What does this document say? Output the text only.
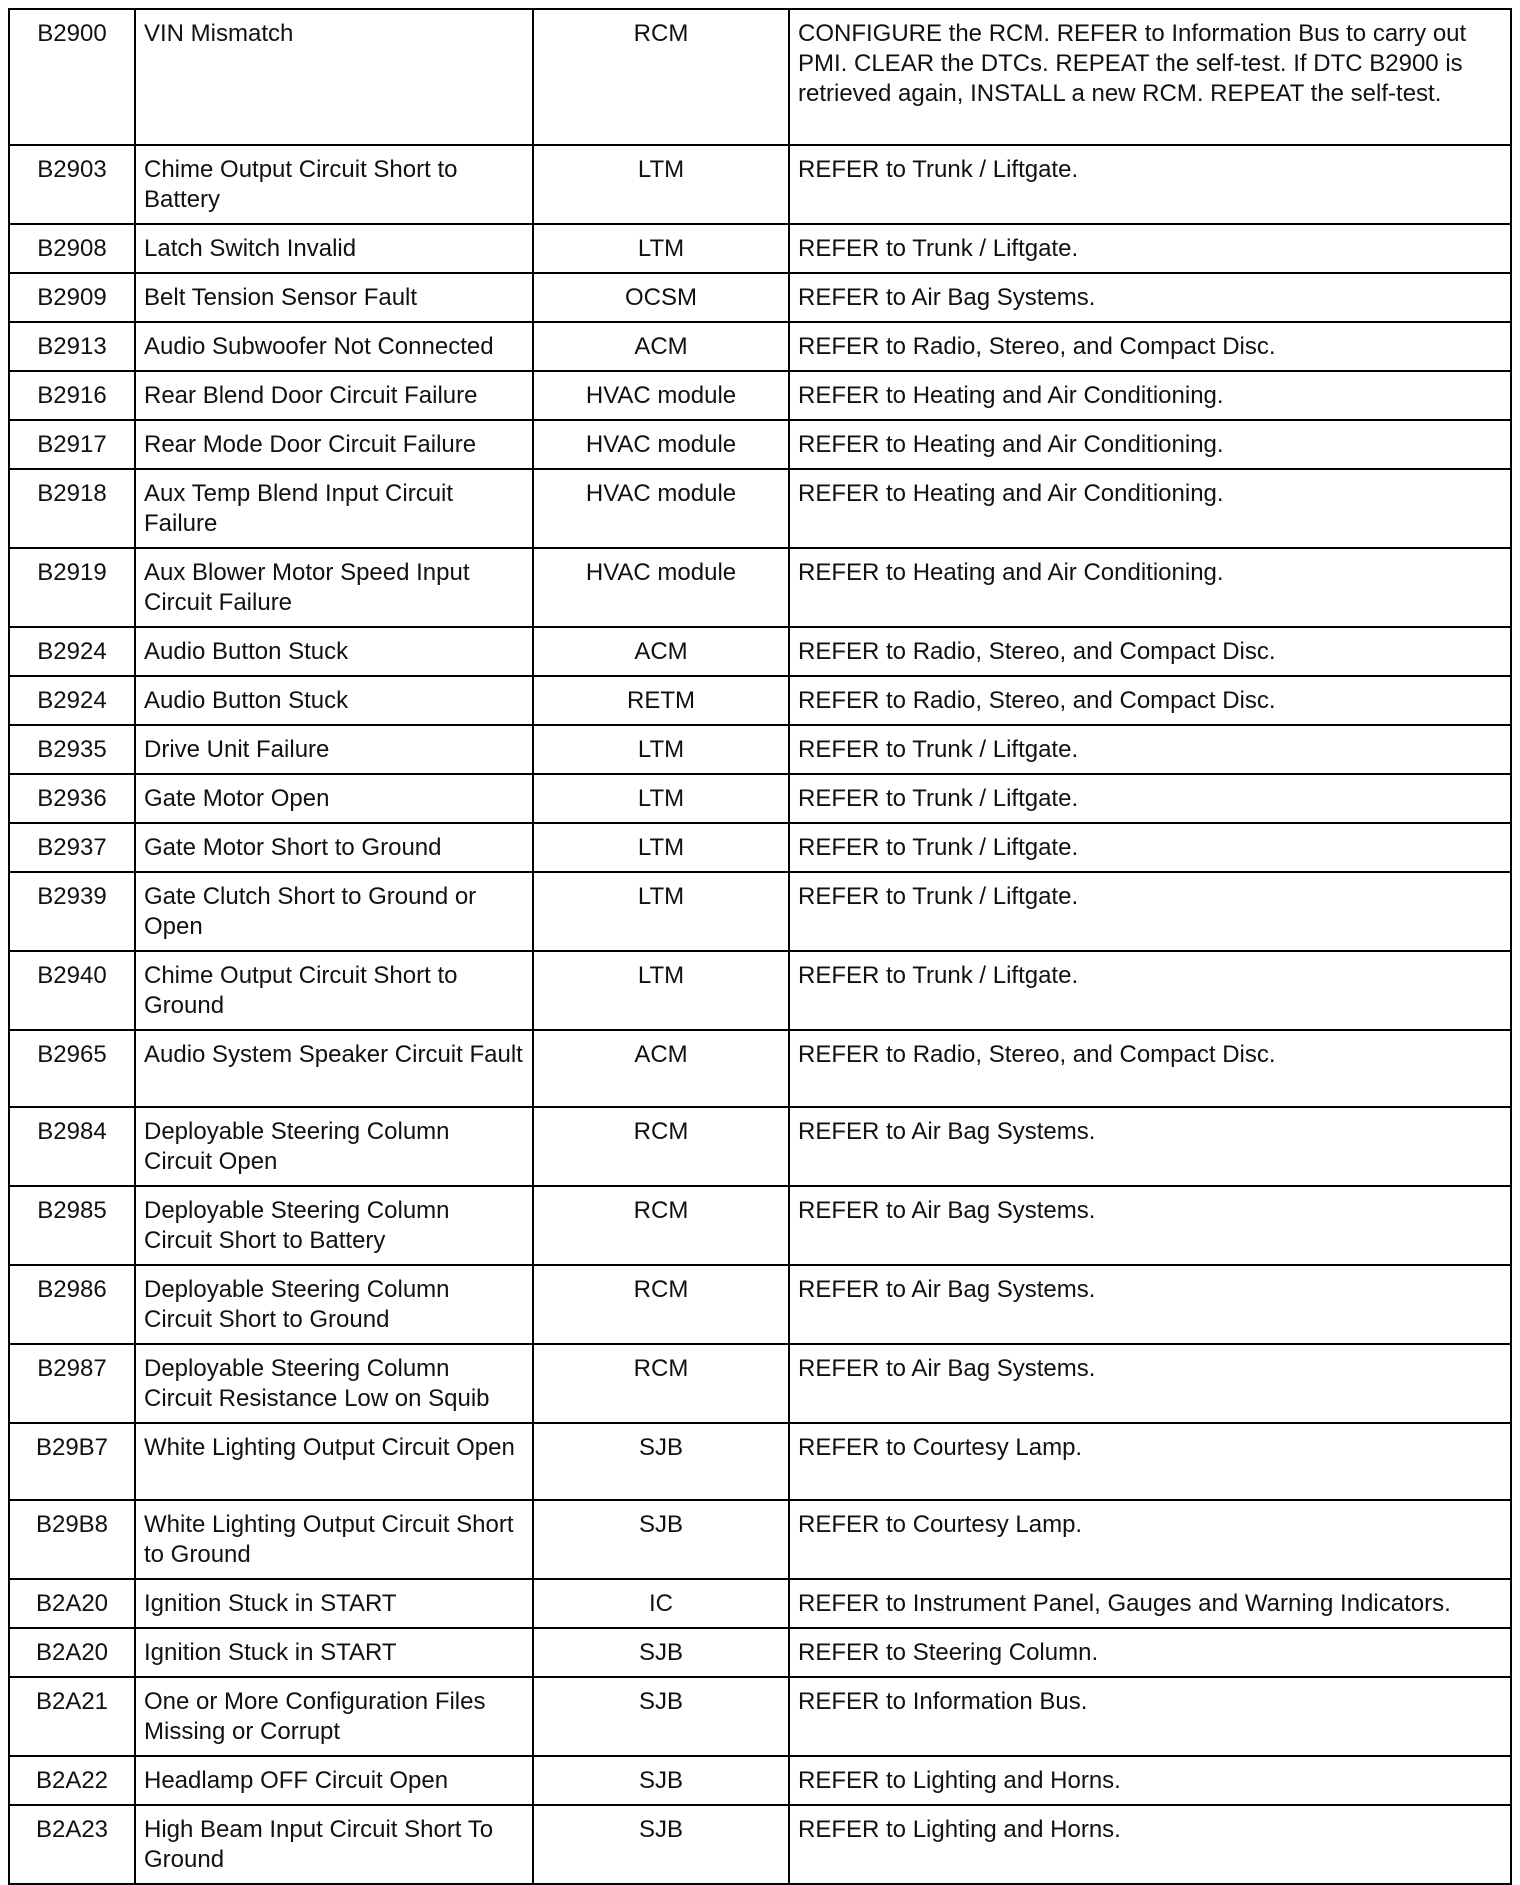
B2900	VIN Mismatch	RCM	CONFIGURE the RCM. REFER to Information Bus to carry out PMI. CLEAR the DTCs. REPEAT the self-test. If DTC B2900 is retrieved again, INSTALL a new RCM. REPEAT the self-test.
B2903	Chime Output Circuit Short to Battery	LTM	REFER to Trunk / Liftgate.
B2908	Latch Switch Invalid	LTM	REFER to Trunk / Liftgate.
B2909	Belt Tension Sensor Fault	OCSM	REFER to Air Bag Systems.
B2913	Audio Subwoofer Not Connected	ACM	REFER to Radio, Stereo, and Compact Disc.
B2916	Rear Blend Door Circuit Failure	HVAC module	REFER to Heating and Air Conditioning.
B2917	Rear Mode Door Circuit Failure	HVAC module	REFER to Heating and Air Conditioning.
B2918	Aux Temp Blend Input Circuit Failure	HVAC module	REFER to Heating and Air Conditioning.
B2919	Aux Blower Motor Speed Input Circuit Failure	HVAC module	REFER to Heating and Air Conditioning.
B2924	Audio Button Stuck	ACM	REFER to Radio, Stereo, and Compact Disc.
B2924	Audio Button Stuck	RETM	REFER to Radio, Stereo, and Compact Disc.
B2935	Drive Unit Failure	LTM	REFER to Trunk / Liftgate.
B2936	Gate Motor Open	LTM	REFER to Trunk / Liftgate.
B2937	Gate Motor Short to Ground	LTM	REFER to Trunk / Liftgate.
B2939	Gate Clutch Short to Ground or Open	LTM	REFER to Trunk / Liftgate.
B2940	Chime Output Circuit Short to Ground	LTM	REFER to Trunk / Liftgate.
B2965	Audio System Speaker Circuit Fault	ACM	REFER to Radio, Stereo, and Compact Disc.
B2984	Deployable Steering Column Circuit Open	RCM	REFER to Air Bag Systems.
B2985	Deployable Steering Column Circuit Short to Battery	RCM	REFER to Air Bag Systems.
B2986	Deployable Steering Column Circuit Short to Ground	RCM	REFER to Air Bag Systems.
B2987	Deployable Steering Column Circuit Resistance Low on Squib	RCM	REFER to Air Bag Systems.
B29B7	White Lighting Output Circuit Open	SJB	REFER to Courtesy Lamp.
B29B8	White Lighting Output Circuit Short to Ground	SJB	REFER to Courtesy Lamp.
B2A20	Ignition Stuck in START	IC	REFER to Instrument Panel, Gauges and Warning Indicators.
B2A20	Ignition Stuck in START	SJB	REFER to Steering Column.
B2A21	One or More Configuration Files Missing or Corrupt	SJB	REFER to Information Bus.
B2A22	Headlamp OFF Circuit Open	SJB	REFER to Lighting and Horns.
B2A23	High Beam Input Circuit Short To Ground	SJB	REFER to Lighting and Horns.
